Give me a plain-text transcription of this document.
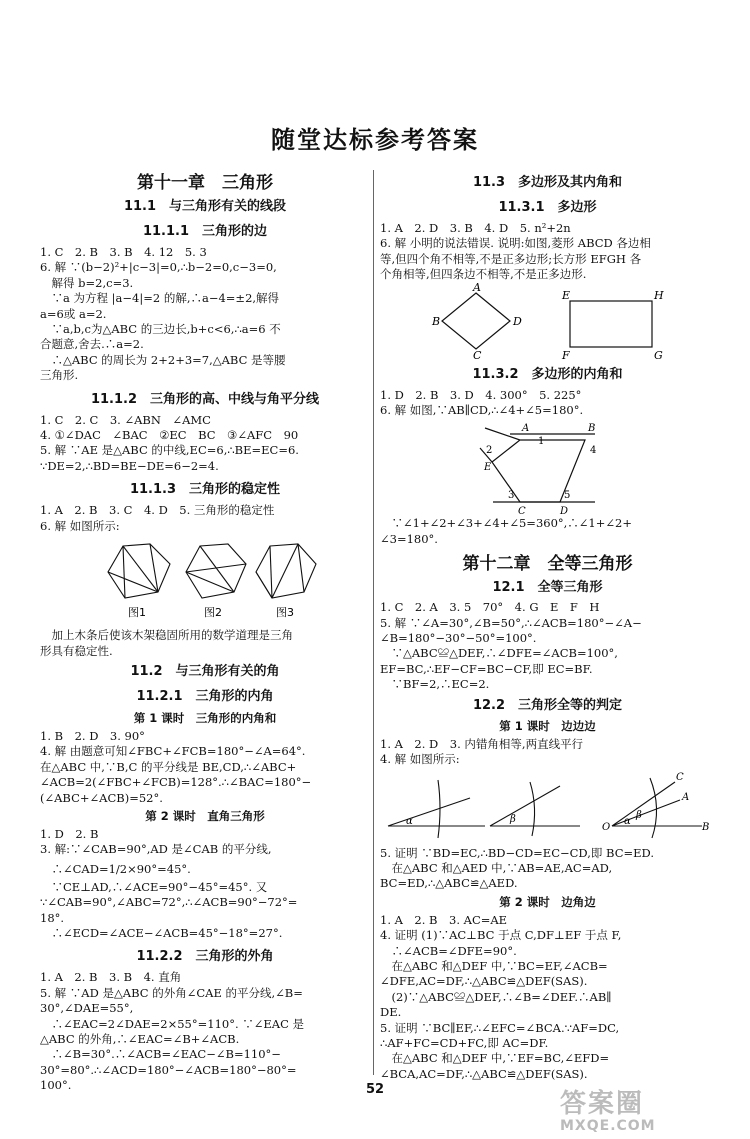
随堂达标参考答案
第十一章　三角形
11.1　与三角形有关的线段
11.1.1　三角形的边

1. C　2. B　3. B　4. 12　5. 3

6. 解 ∵(b−2)²+|c−3|=0,∴b−2=0,c−3=0,

　解得 b=2,c=3.

　∵a 为方程 |a−4|=2 的解,∴a−4=±2,解得

a=6或 a=2.

　∵a,b,c为△ABC 的三边长,b+c<6,∴a=6 不

合题意,舍去.∴a=2.

　∴△ABC 的周长为 2+2+3=7,△ABC 是等腰

三角形.

11.1.2　三角形的高、中线与角平分线

1. C　2. C　3. ∠ABN　∠AMC

4. ①∠DAC　∠BAC　②EC　BC　③∠AFC　90

5. 解 ∵AE 是△ABC 的中线,EC=6,∴BE=EC=6.

∵DE=2,∴BD=BE−DE=6−2=4.

11.1.3　三角形的稳定性

1. A　2. B　3. C　4. D　5. 三角形的稳定性

6. 解 如图所示:

图1	图2	图3

　加上木条后使该木架稳固所用的数学道理是三角

形具有稳定性.

11.2　与三角形有关的角
11.2.1　三角形的内角
第 1 课时　三角形的内角和

1. B　2. D　3. 90°

4. 解 由题意可知∠FBC+∠FCB=180°−∠A=64°.

在△ABC 中,∵B,C 的平分线是 BE,CD,∴∠ABC+

∠ACB=2(∠FBC+∠FCB)=128°.∴∠BAC=180°−

(∠ABC+∠ACB)=52°.

第 2 课时　直角三角形

1. D　2. B

3. 解:∵∠CAB=90°,AD 是∠CAB 的平分线,

　∴∠CAD=1/2×90°=45°.

　∵CE⊥AD,∴∠ACE=90°−45°=45°. 又

∵∠CAB=90°,∠ABC=72°,∴∠ACB=90°−72°=

18°.

　∴∠ECD=∠ACE−∠ACB=45°−18°=27°.

11.2.2　三角形的外角

1. A　2. B　3. B　4. 直角

5. 解 ∵AD 是△ABC 的外角∠CAE 的平分线,∠B=

30°,∠DAE=55°,

　∴∠EAC=2∠DAE=2×55°=110°. ∵∠EAC 是

△ABC 的外角,∴∠EAC=∠B+∠ACB.

　∴∠B=30°.∴∠ACB=∠EAC−∠B=110°−

30°=80°.∴∠ACD=180°−∠ACB=180°−80°=

100°.

11.3　多边形及其内角和
11.3.1　多边形

1. A　2. D　3. B　4. D　5. n²+2n

6. 解 小明的说法错误. 说明:如图,菱形 ABCD 各边相

等,但四个角不相等,不是正多边形;长方形 EFGH 各

个角相等,但四条边不相等,不是正多边形.

A
B
C
D
E	H
F	G
11.3.2　多边形的内角和

1. D　2. B　3. D　4. 300°　5. 225°

6. 解 如图,∵AB∥CD,∴∠4+∠5=180°.

A	B
1
2
E
4
3	5
C	D

　∵∠1+∠2+∠3+∠4+∠5=360°,∴∠1+∠2+

∠3=180°.

第十二章　全等三角形
12.1　全等三角形

1. C　2. A　3. 5　70°　4. G　E　F　H

5. 解 ∵∠A=30°,∠B=50°,∴∠ACB=180°−∠A−

∠B=180°−30°−50°=100°.

　∵△ABC≌△DEF,∴∠DFE=∠ACB=100°,

EF=BC,∴EF−CF=BC−CF,即 EC=BF.

　∵BF=2,∴EC=2.

12.2　三角形全等的判定
第 1 课时　边边边

1. A　2. D　3. 内错角相等,两直线平行

4. 解 如图所示:

α	β
C
A
O
α
β
B

5. 证明 ∵BD=EC,∴BD−CD=EC−CD,即 BC=ED.

　在△ABC 和△AED 中,∵AB=AE,AC=AD,

BC=ED,∴△ABC≌△AED.

第 2 课时　边角边

1. A　2. B　3. AC=AE

4. 证明 (1)∵AC⊥BC 于点 C,DF⊥EF 于点 F,

　∴∠ACB=∠DFE=90°.

　在△ABC 和△DEF 中,∵BC=EF,∠ACB=

∠DFE,AC=DF,∴△ABC≌△DEF(SAS).

　(2)∵△ABC≌△DEF,∴∠B=∠DEF.∴AB∥

DE.

5. 证明 ∵BC∥EF,∴∠EFC=∠BCA.∵AF=DC,

∴AF+FC=CD+FC,即 AC=DF.

　在△ABC 和△DEF 中,∵EF=BC,∠EFD=

∠BCA,AC=DF,∴△ABC≌△DEF(SAS).

52	答案圈
MXQE.COM
